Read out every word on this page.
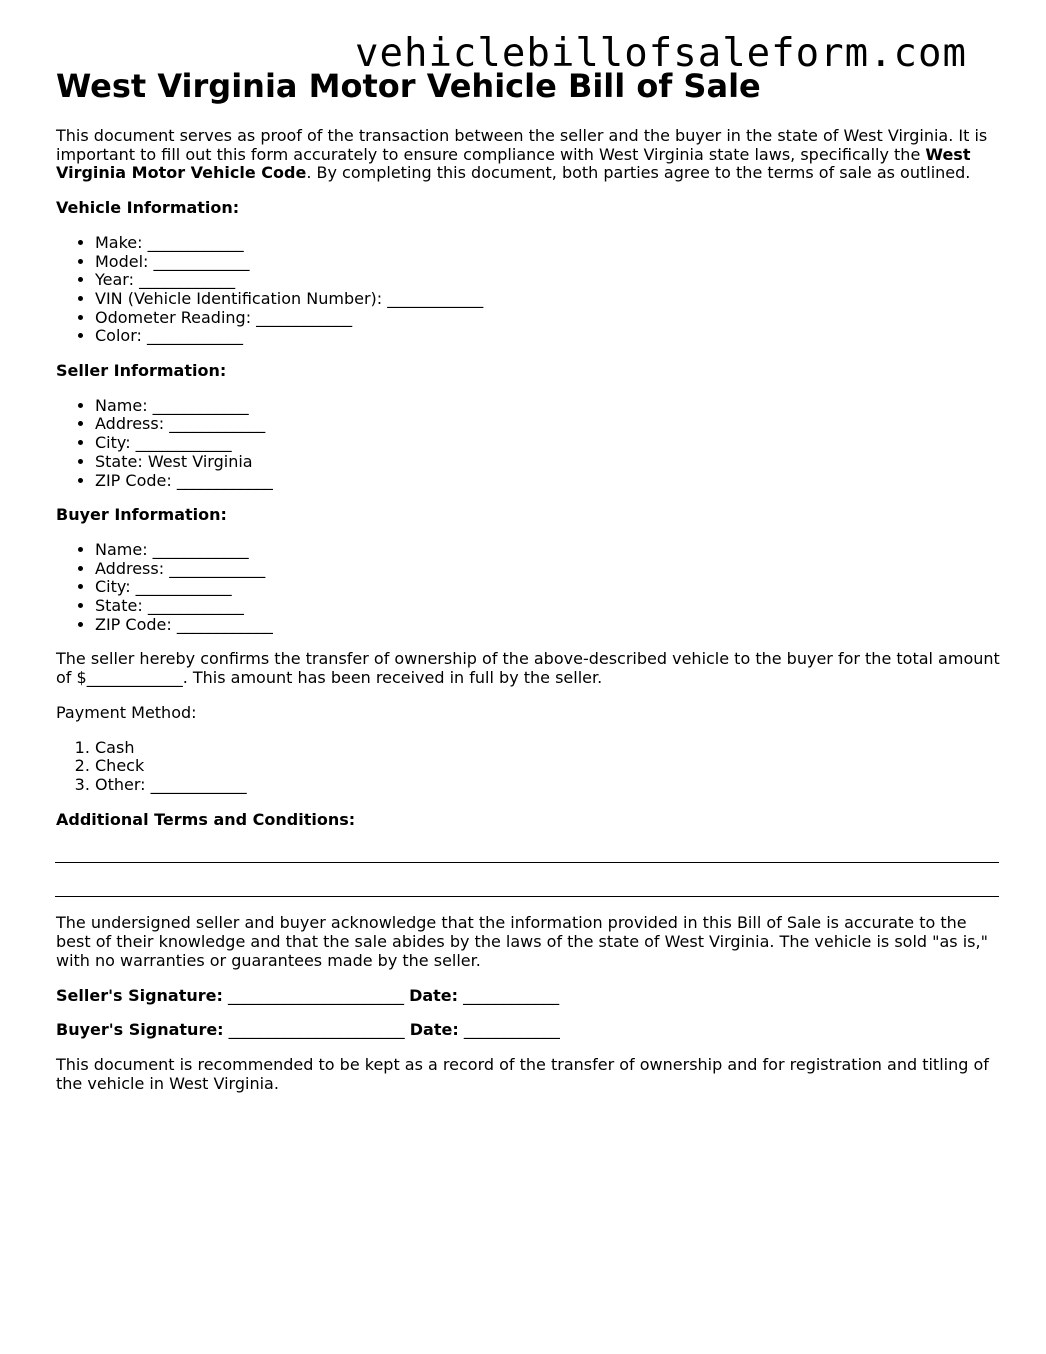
vehiclebillofsaleform.com
West Virginia Motor Vehicle Bill of Sale

This document serves as proof of the transaction between the seller and the buyer in the state of West Virginia. It is important to fill out this form accurately to ensure compliance with West Virginia state laws, specifically the West Virginia Motor Vehicle Code. By completing this document, both parties agree to the terms of sale as outlined.

Vehicle Information:

• Make: ____________
• Model: ____________
• Year: ____________
• VIN (Vehicle Identification Number): ____________
• Odometer Reading: ____________
• Color: ____________

Seller Information:

• Name: ____________
• Address: ____________
• City: ____________
• State: West Virginia
• ZIP Code: ____________

Buyer Information:

• Name: ____________
• Address: ____________
• City: ____________
• State: ____________
• ZIP Code: ____________

The seller hereby confirms the transfer of ownership of the above-described vehicle to the buyer for the total amount of $____________. This amount has been received in full by the seller.

Payment Method:

1. Cash
2. Check
3. Other: ____________

Additional Terms and Conditions:

The undersigned seller and buyer acknowledge that the information provided in this Bill of Sale is accurate to the best of their knowledge and that the sale abides by the laws of the state of West Virginia. The vehicle is sold "as is," with no warranties or guarantees made by the seller.

Seller's Signature: ______________________ Date: ____________
Buyer's Signature: ______________________ Date: ____________

This document is recommended to be kept as a record of the transfer of ownership and for registration and titling of the vehicle in West Virginia.
